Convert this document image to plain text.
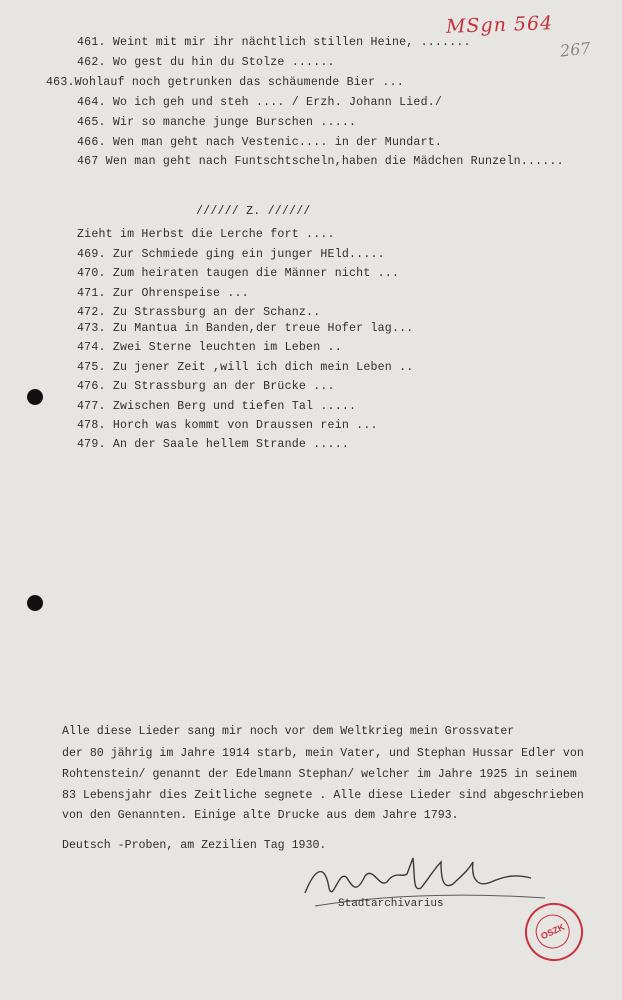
MSgn 564
267
461. Weint mit mir ihr nächtlich stillen Heine, .......
462. Wo gest du hin du Stolze ......
463.Wohlauf noch getrunken das schäumende Bier ...
464. Wo ich geh und steh .... / Erzh. Johann Lied./
465. Wir so manche junge Burschen .....
466. Wen man geht nach Vestenic.... in der Mundart.
467 Wen man geht nach Funtschtscheln,haben die Mädchen Runzeln......
////// Z. //////
Zieht im Herbst die Lerche fort ....
469. Zur Schmiede ging ein junger HEld.....
470. Zum heiraten taugen die Männer nicht ...
471. Zur Ohrenspeise ...
472. Zu Strassburg an der Schanz..
473. Zu Mantua in Banden,der treue Hofer lag...
474. Zwei Sterne leuchten im Leben ..
475. Zu jener Zeit ,will ich dich mein Leben ..
476. Zu Strassburg an der Brücke ...
477. Zwischen Berg und tiefen Tal .....
478. Horch was kommt von Draussen rein ...
479. An der Saale hellem Strande .....
Alle diese Lieder sang mir noch vor dem Weltkrieg mein Grossvater
der 80 jährig im Jahre 1914 starb, mein Vater, und Stephan Hussar Edler von
Rohtenstein/ genannt der Edelmann Stephan/ welcher im Jahre 1925 in seinem
83 Lebensjahr dies Zeitliche segnete . Alle diese Lieder sind abgeschrieben
von den Genannten. Einige alte Drucke aus dem Jahre 1793.
Deutsch -Proben, am Zezilien Tag 1930.
Stadtarchivarius
OSZK
